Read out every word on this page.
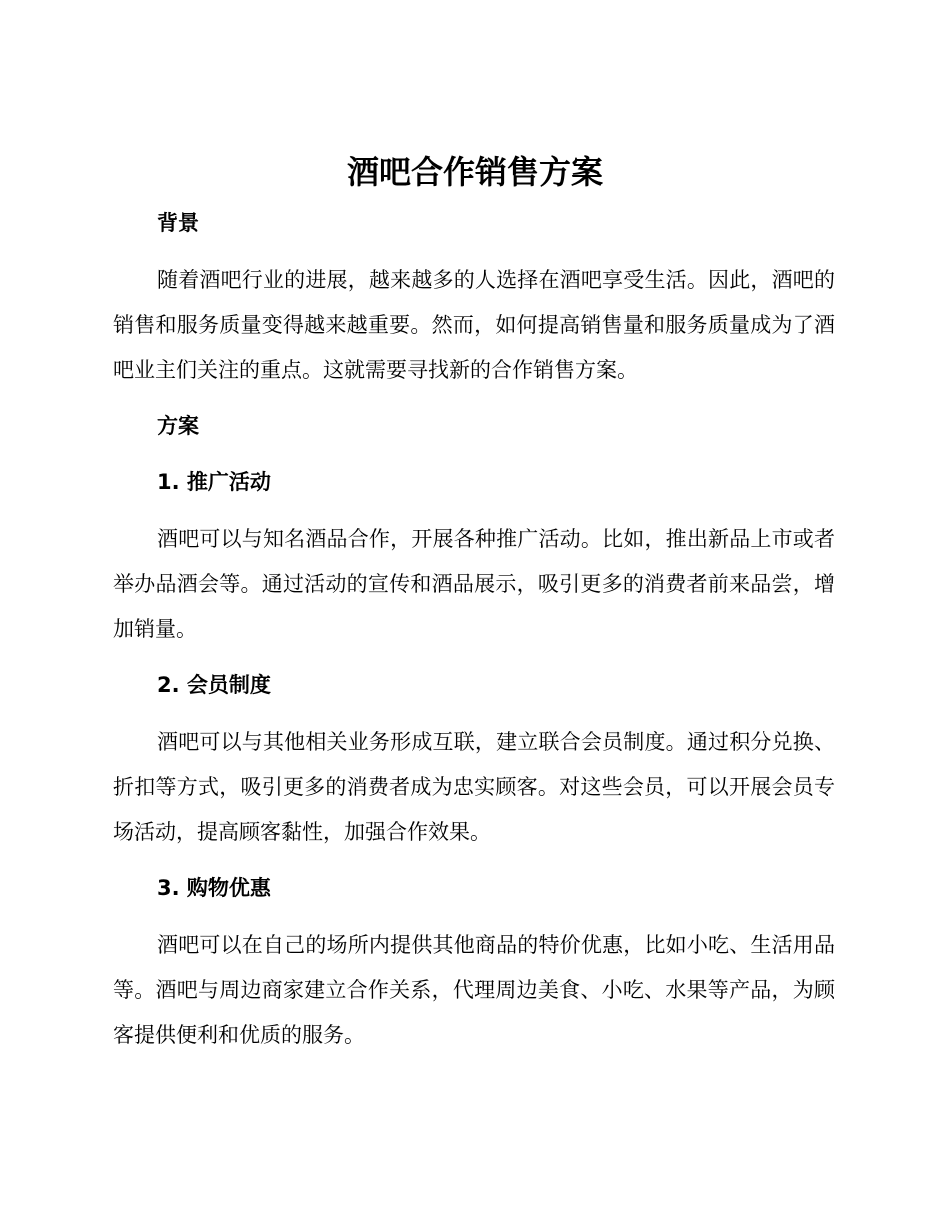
酒吧合作销售方案
背景

随着酒吧行业的进展，越来越多的人选择在酒吧享受生活。因此，酒吧的销售和服务质量变得越来越重要。然而，如何提高销售量和服务质量成为了酒吧业主们关注的重点。这就需要寻找新的合作销售方案。

方案
1. 推广活动

酒吧可以与知名酒品合作，开展各种推广活动。比如，推出新品上市或者举办品酒会等。通过活动的宣传和酒品展示，吸引更多的消费者前来品尝，增加销量。

2. 会员制度

酒吧可以与其他相关业务形成互联，建立联合会员制度。通过积分兑换、折扣等方式，吸引更多的消费者成为忠实顾客。对这些会员，可以开展会员专场活动，提高顾客黏性，加强合作效果。

3. 购物优惠

酒吧可以在自己的场所内提供其他商品的特价优惠，比如小吃、生活用品等。酒吧与周边商家建立合作关系，代理周边美食、小吃、水果等产品，为顾客提供便利和优质的服务。
